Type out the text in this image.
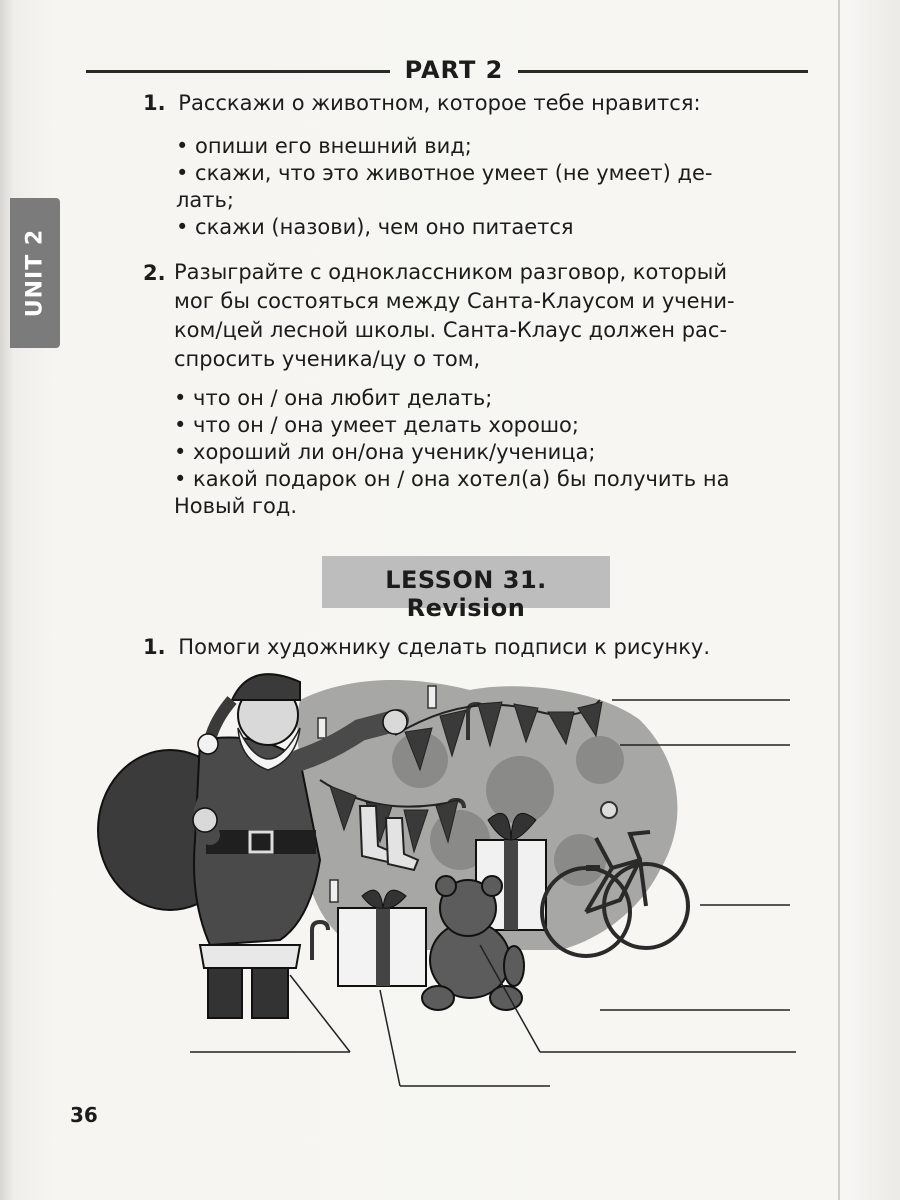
PART 2
UNIT 2
1. Расскажи о животном, которое тебе нравится:
• опиши его внешний вид;
• скажи, что это животное умеет (не умеет) де-
лать;
• скажи (назови), чем оно питается
2. Разыграйте с одноклассником разговор, который
мог бы состояться между Санта-Клаусом и учени-
ком/цей лесной школы. Санта-Клаус должен рас-
спросить ученика/цу о том,
• что он / она любит делать;
• что он / она умеет делать хорошо;
• хороший ли он/она ученик/ученица;
• какой подарок он / она хотел(а) бы получить на
Новый год.
LESSON 31. Revision
1. Помоги художнику сделать подписи к рисунку.
36
